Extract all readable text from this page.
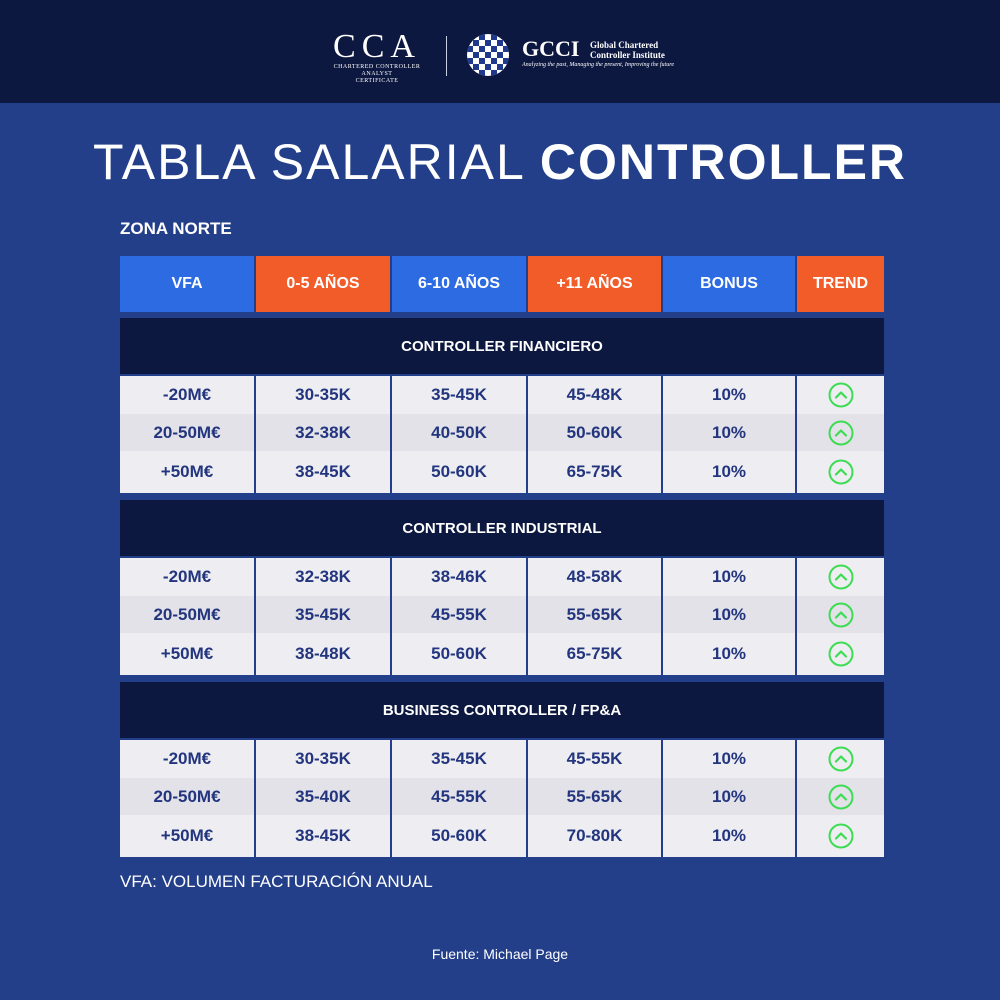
CCA
CHARTERED CONTROLLER ANALYST
CERTIFICATE
GCCI Global Chartered
Controller Institute
Analyzing the past, Managing the present, Improving the future
TABLA SALARIAL CONTROLLER
ZONA NORTE
VFA	0-5 AÑOS	6-10 AÑOS	+11 AÑOS	BONUS	TREND
CONTROLLER FINANCIERO
-20M€	30-35K	35-45K	45-48K	10%
20-50M€	32-38K	40-50K	50-60K	10%
+50M€	38-45K	50-60K	65-75K	10%
CONTROLLER INDUSTRIAL
-20M€	32-38K	38-46K	48-58K	10%
20-50M€	35-45K	45-55K	55-65K	10%
+50M€	38-48K	50-60K	65-75K	10%
BUSINESS CONTROLLER / FP&A
-20M€	30-35K	35-45K	45-55K	10%
20-50M€	35-40K	45-55K	55-65K	10%
+50M€	38-45K	50-60K	70-80K	10%
VFA: VOLUMEN FACTURACIÓN ANUAL
Fuente: Michael Page
